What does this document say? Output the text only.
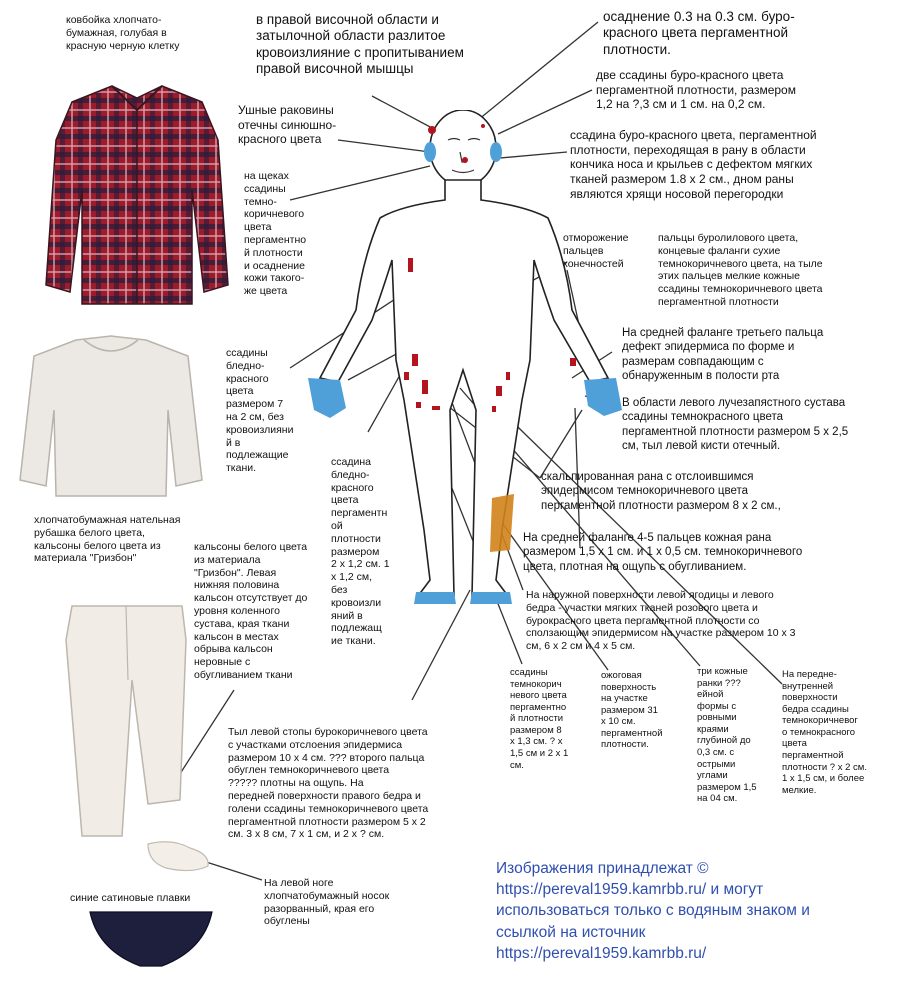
в правой височной области и
затылочной области разлитое
кровоизлияние с пропитыванием
правой височной мышцы

осаднение 0.3 на 0.3 см. буро-
красного цвета пергаментной
плотности.

две ссадины буро-красного цвета
пергаментной плотности, размером
1,2 на ?,3 см и 1 см. на 0,2 см.

Ушные раковины
отечны синюшно-
красного цвета	ссадина буро-красного цвета, пергаментной
плотности, переходящая в рану в области
кончика носа и крыльев с дефектом мягких
тканей размером 1.8 х 2 см., дном раны
являются хрящи носовой перегородки

на щеках
ссадины
темно-
коричневого
цвета
пергаментно
й плотности
и осаднение
кожи такого-
же цвета

отморожение
пальцев
конечностей

пальцы буролилового цвета,
концевые фаланги сухие
темнокоричневого цвета, на тыле
этих пальцев мелкие кожные
ссадины темнокоричневого цвета
пергаментной плотности

На средней фаланге третьего пальца
дефект эпидермиса по форме и
размерам совпадающим с
обнаруженным в полости рта

В области левого лучезапястного сустава
ссадины темнокрасного цвета
пергаментной плотности размером 5 х 2,5
см, тыл левой кисти отечный.

ссадины
бледно-
красного
цвета
размером 7
на 2 см, без
кровоизлияни
й в
подлежащие
ткани.

ссадина
бледно-
красного
цвета
пергаментн
ой
плотности
размером
2 х 1,2 см. 1
х 1,2 см,
без
кровоизли
яний в
подлежащ
ие ткани.

скальпированная рана с отслоившимся
эпидермисом темнокоричневого цвета
пергаментной плотности размером 8 х 2 см.,

На средней фаланге 4-5 пальцев кожная рана
размером 1,5 х 1 см. и 1 х 0,5 см. темнокоричневого
цвета, плотная на ощупь с обугливанием.

На наружной поверхности левой ягодицы и левого
бедра - участки мягких тканей розового цвета и
бурокрасного цвета пергаментной плотности со
сползающим эпидермисом на участке размером 10 х 3
см, 6 х 2 см и 4 х 5 см.

ссадины
темнокорич
невого цвета
пергаментно
й плотности
размером 8
х 1,3 см. ? х
1,5 см и 2 х 1
см.

ожоговая
поверхность
на участке
размером 31
х 10 см.
пергаментной
плотности.

три кожные
ранки ???
ейной
формы с
ровными
краями
глубиной до
0,3 см. с
острыми
углами
размером 1,5
на 04 см.

На передне-
внутренней
поверхности
бедра ссадины
темнокоричневог
о темнокрасного
цвета
пергаментной
плотности ? х 2 см.
1 х 1,5 см, и более
мелкие.

Тыл левой стопы бурокоричневого цвета
с участками отслоения эпидермиса
размером 10 х 4 см. ??? второго пальца
обуглен темнокоричневого цвета
????? плотны на ощупь. На
передней поверхности правого бедра и
голени ссадины темнокоричневого цвета
пергаментной плотности размером 5 х 2
см. 3 х 8 см, 7 х 1 см, и 2 х ? см.

На левой ноге
хлопчатобумажный носок
разорванный, края его
обуглены

ковбойка хлопчато-
бумажная, голубая в
красную черную клетку

хлопчатобумажная нательная
рубашка белого цвета,
кальсоны белого цвета из
материала "Гризбон"

кальсоны белого цвета
из материала
"Гризбон". Левая
нижняя половина
кальсон отсутствует до
уровня коленного
сустава, края ткани
кальсон в местах
обрыва кальсон
неровные с
обугливанием ткани

синие сатиновые плавки

Изображения принадлежат ©
https://pereval1959.kamrbb.ru/ и могут
использоваться только с водяным знаком и
ссылкой на источник
https://pereval1959.kamrbb.ru/
